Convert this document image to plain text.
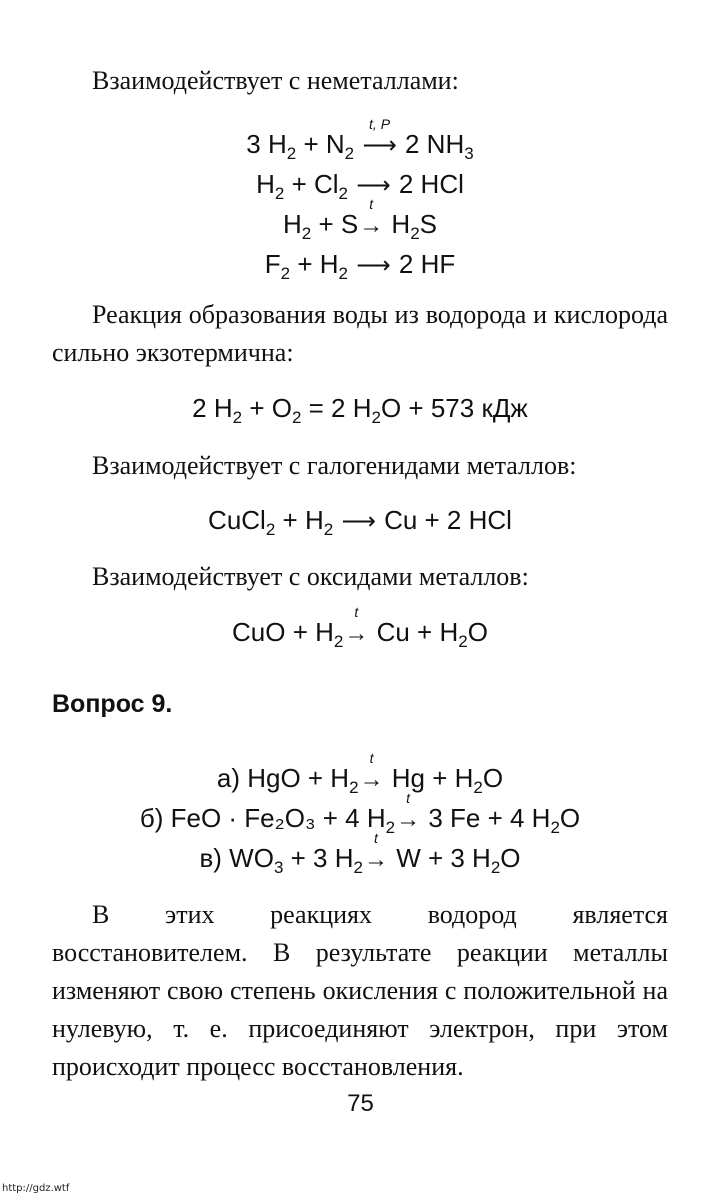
Взаимодействует с неметаллами:

3 $H_2 + N_2$
t, P
⟶ 2 $NH_3$
$H_2 + Cl_2$ ⟶ 2 HCl
$H_2 + S$
t
→ $H_2S$
$F_2 + H_2$ ⟶ 2 HF

Реакция образования воды из водорода и кислорода сильно экзотермична:

2 $H_2 + O_2 = 2$ $H_2O + 573$ кДж

Взаимодействует с галогенидами металлов:

CuCl$_2$ + $H_2$ ⟶ Cu + 2 HCl

Взаимодействует с оксидами металлов:

CuO + $H_2$
t
→ $Cu + H_2O$
Вопрос 9.
а) HgO + $H_2$
t
→ $Hg + H_2O$
б) FeO · Fe₂O₃ + 4 $H_2$
t
→ 3 Fe + 4 $H_2O$
в) $WO_3 + 3$ $H_2$
t
→ W + 3 $H_2O$

В этих реакциях водород является восстановителем. В результате реакции металлы изменяют свою степень окисления с положительной на нулевую, т. е. присоединяют электрон, при этом происходит процесс восстановления.

75
http://gdz.wtf
